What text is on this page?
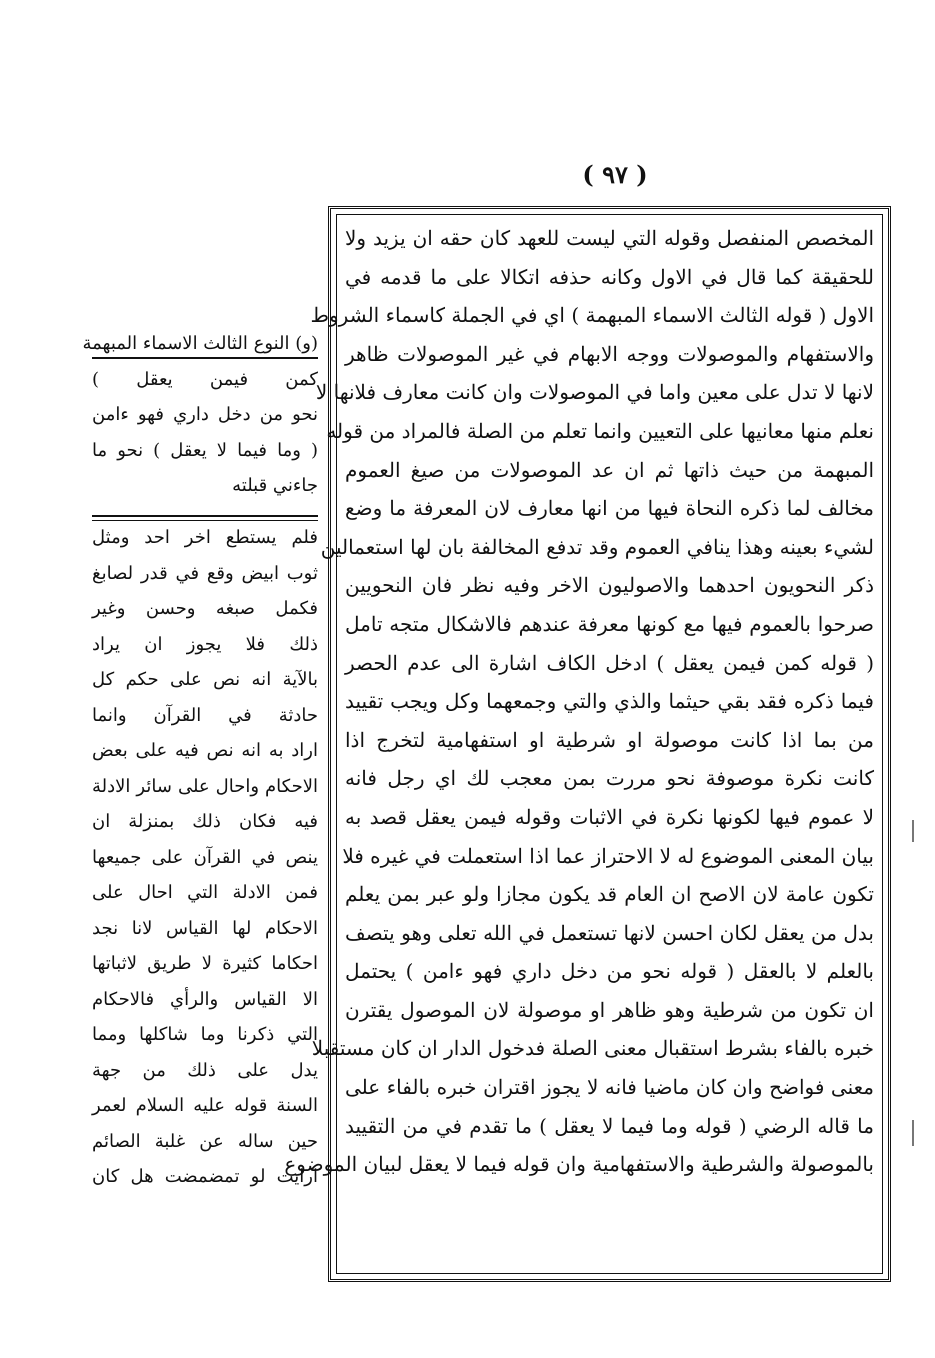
( ٩٧ )
(و) النوع الثالث الاسماء المبهمة
كمن فيمن يعقل )
نحو من دخل داري فهو ءامن
( وما فيما لا يعقل ) نحو ما
جاءني قبلته
فلم يستطع اخر احد ومثل
ثوب ابيض وقع في قدر لصابغ
فكمل صبغه وحسن وغير
ذلك فلا يجوز ان يراد
بالآية انه نص على حكم كل
حادثة في القرآن وانما
اراد به انه نص فيه على بعض
الاحكام واحال على سائر الادلة
فيه فكان ذلك بمنزلة ان
ينص في القرآن على جميعها
فمن الادلة التي احال على
الاحكام لها القياس لانا نجد
احكاما كثيرة لا طريق لاثباتها
الا القياس والرأي فالاحكام
التي ذكرنا وما شاكلها ومما
يدل على ذلك من جهة
السنة قوله عليه السلام لعمر
حين ساله عن غلبة الصائم
ارايت لو تمضمضت هل كان
المخصص المنفصل وقوله التي ليست للعهد كان حقه ان يزيد ولا
للحقيقة كما قال في الاول وكانه حذفه اتكالا على ما قدمه في
الاول ( قوله الثالث الاسماء المبهمة ) اي في الجملة كاسماء الشروط
والاستفهام والموصولات ووجه الابهام في غير الموصولات ظاهر
لانها لا تدل على معين واما في الموصولات وان كانت معارف فلانها لا
نعلم منها معانيها على التعيين وانما تعلم من الصلة فالمراد من قوله
المبهمة من حيث ذاتها ثم ان عد الموصولات من صيغ العموم
مخالف لما ذكره النحاة فيها من انها معارف لان المعرفة ما وضع
لشيء بعينه وهذا ينافي العموم وقد تدفع المخالفة بان لها استعمالين
ذكر النحويون احدهما والاصوليون الاخر وفيه نظر فان النحويين
صرحوا بالعموم فيها مع كونها معرفة عندهم فالاشكال متجه تامل
( قوله كمن فيمن يعقل ) ادخل الكاف اشارة الى عدم الحصر
فيما ذكره فقد بقي حيثما والذي والتي وجمعهما وكل ويجب تقييد
من بما اذا كانت موصولة او شرطية او استفهامية لتخرج اذا
كانت نكرة موصوفة نحو مررت بمن معجب لك اي رجل فانه
لا عموم فيها لكونها نكرة في الاثبات وقوله فيمن يعقل قصد به
بيان المعنى الموضوع له لا الاحتراز عما اذا استعملت في غيره فلا
تكون عامة لان الاصح ان العام قد يكون مجازا ولو عبر بمن يعلم
بدل من يعقل لكان احسن لانها تستعمل في الله تعلى وهو يتصف
بالعلم لا بالعقل ( قوله نحو من دخل داري فهو ءامن ) يحتمل
ان تكون من شرطية وهو ظاهر او موصولة لان الموصول يقترن
خبره بالفاء بشرط استقبال معنى الصلة فدخول الدار ان كان مستقبلا
معنى فواضح وان كان ماضيا فانه لا يجوز اقتران خبره بالفاء على
ما قاله الرضي ( قوله وما فيما لا يعقل ) ما تقدم في من التقييد
بالموصولة والشرطية والاستفهامية وان قوله فيما لا يعقل لبيان الموضوع
